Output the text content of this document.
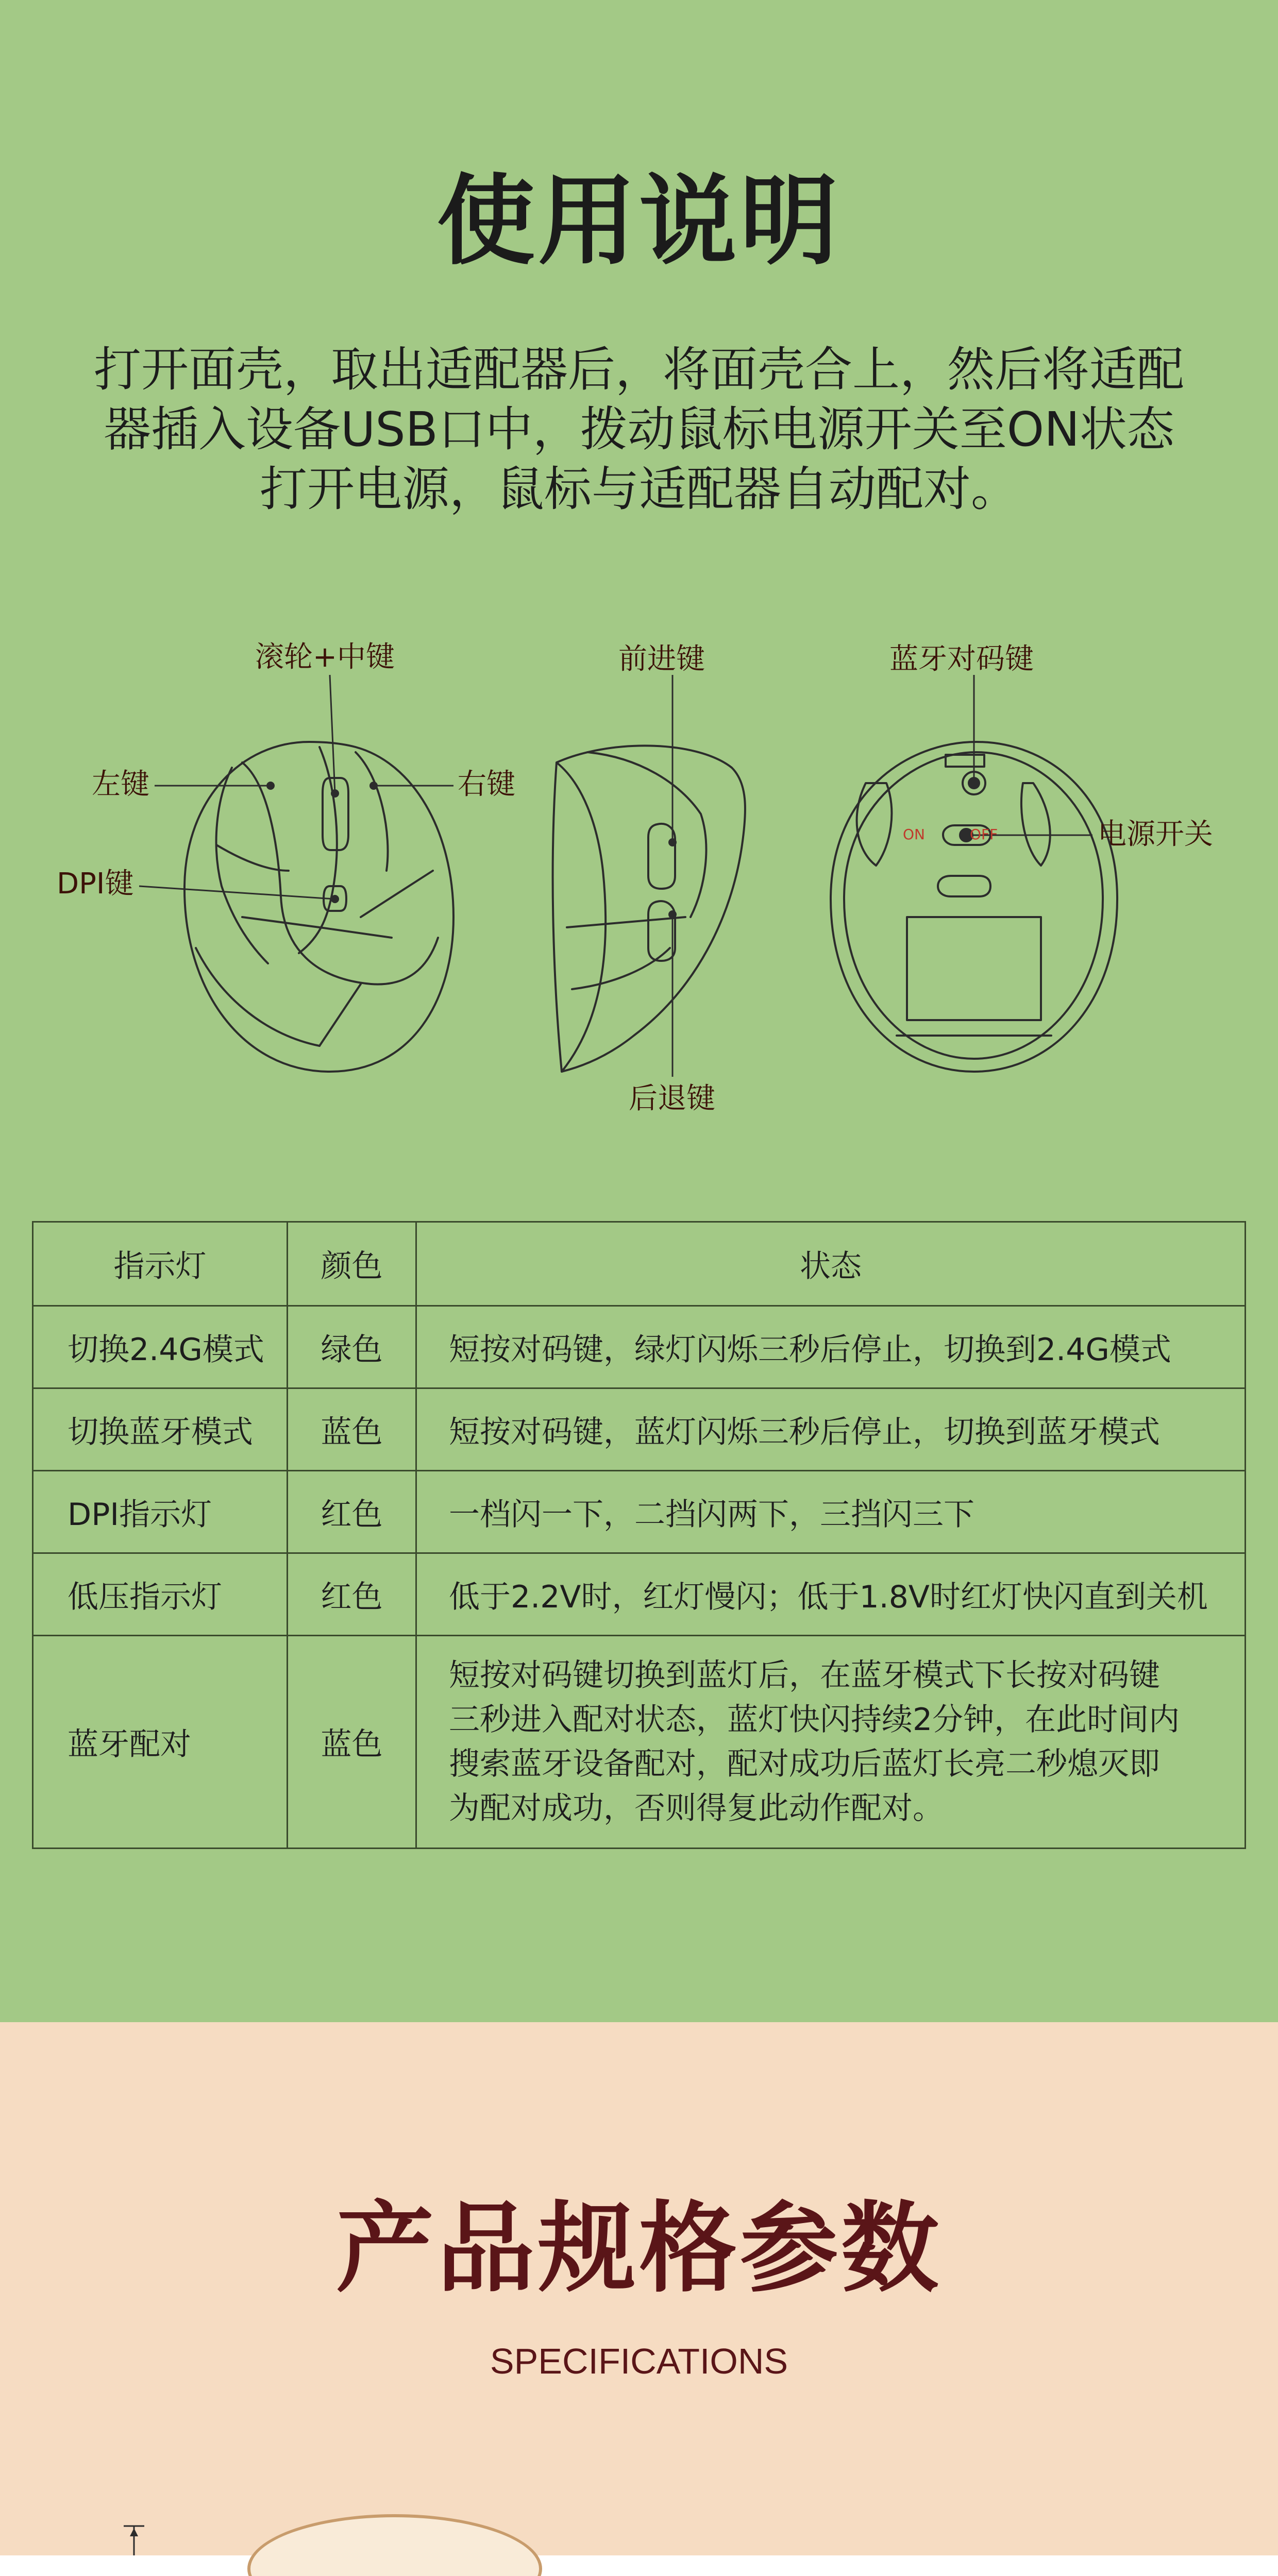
使用说明
打开面壳，取出适配器后，将面壳合上，然后将适配
器插入设备USB口中，拨动鼠标电源开关至ON状态
打开电源，鼠标与适配器自动配对。
滚轮+中键
左键	右键
DPI键
前进键
后退键
蓝牙对码键
电源开关
ON	OFF
指示灯	颜色	状态
切换2.4G模式	绿色	短按对码键，绿灯闪烁三秒后停止，切换到2.4G模式
切换蓝牙模式	蓝色	短按对码键，蓝灯闪烁三秒后停止，切换到蓝牙模式
DPI指示灯	红色	一档闪一下，二挡闪两下，三挡闪三下
低压指示灯	红色	低于2.2V时，红灯慢闪；低于1.8V时红灯快闪直到关机
蓝牙配对	蓝色	短按对码键切换到蓝灯后，在蓝牙模式下长按对码键
三秒进入配对状态，蓝灯快闪持续2分钟，在此时间内
搜索蓝牙设备配对，配对成功后蓝灯长亮二秒熄灭即
为配对成功，否则得复此动作配对。
产品规格参数
SPECIFICATIONS
